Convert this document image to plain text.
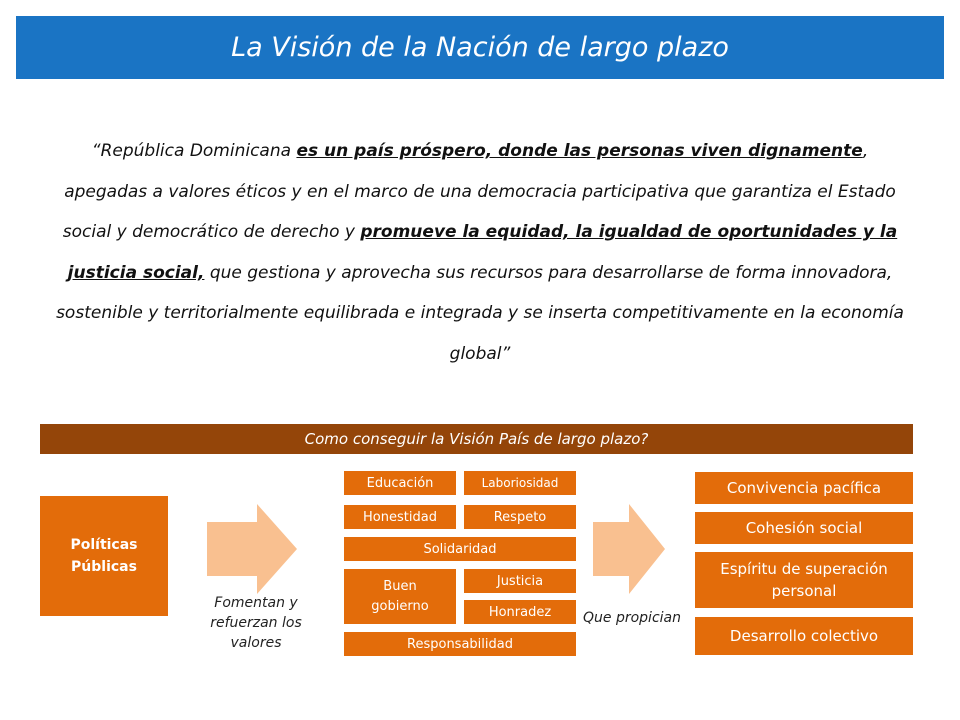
La Visión de la Nación de largo plazo

“República Dominicana es un país próspero, donde las personas viven dignamente, apegadas a valores éticos y en el marco de una democracia participativa que garantiza el Estado social y democrático de derecho y promueve la equidad, la igualdad de oportunidades y la justicia social, que gestiona y aprovecha sus recursos para desarrollarse de forma innovadora, sostenible y territorialmente equilibrada e integrada y se inserta competitivamente en la economía global”

Como conseguir la Visión País de largo plazo?
Políticas Públicas
Fomentan y refuerzan los valores
Educación	Laboriosidad
Honestidad	Respeto
Solidaridad
Buen gobierno
Justicia
Honradez
Responsabilidad
Que propician
Convivencia pacífica
Cohesión social
Espíritu de superación personal
Desarrollo colectivo
